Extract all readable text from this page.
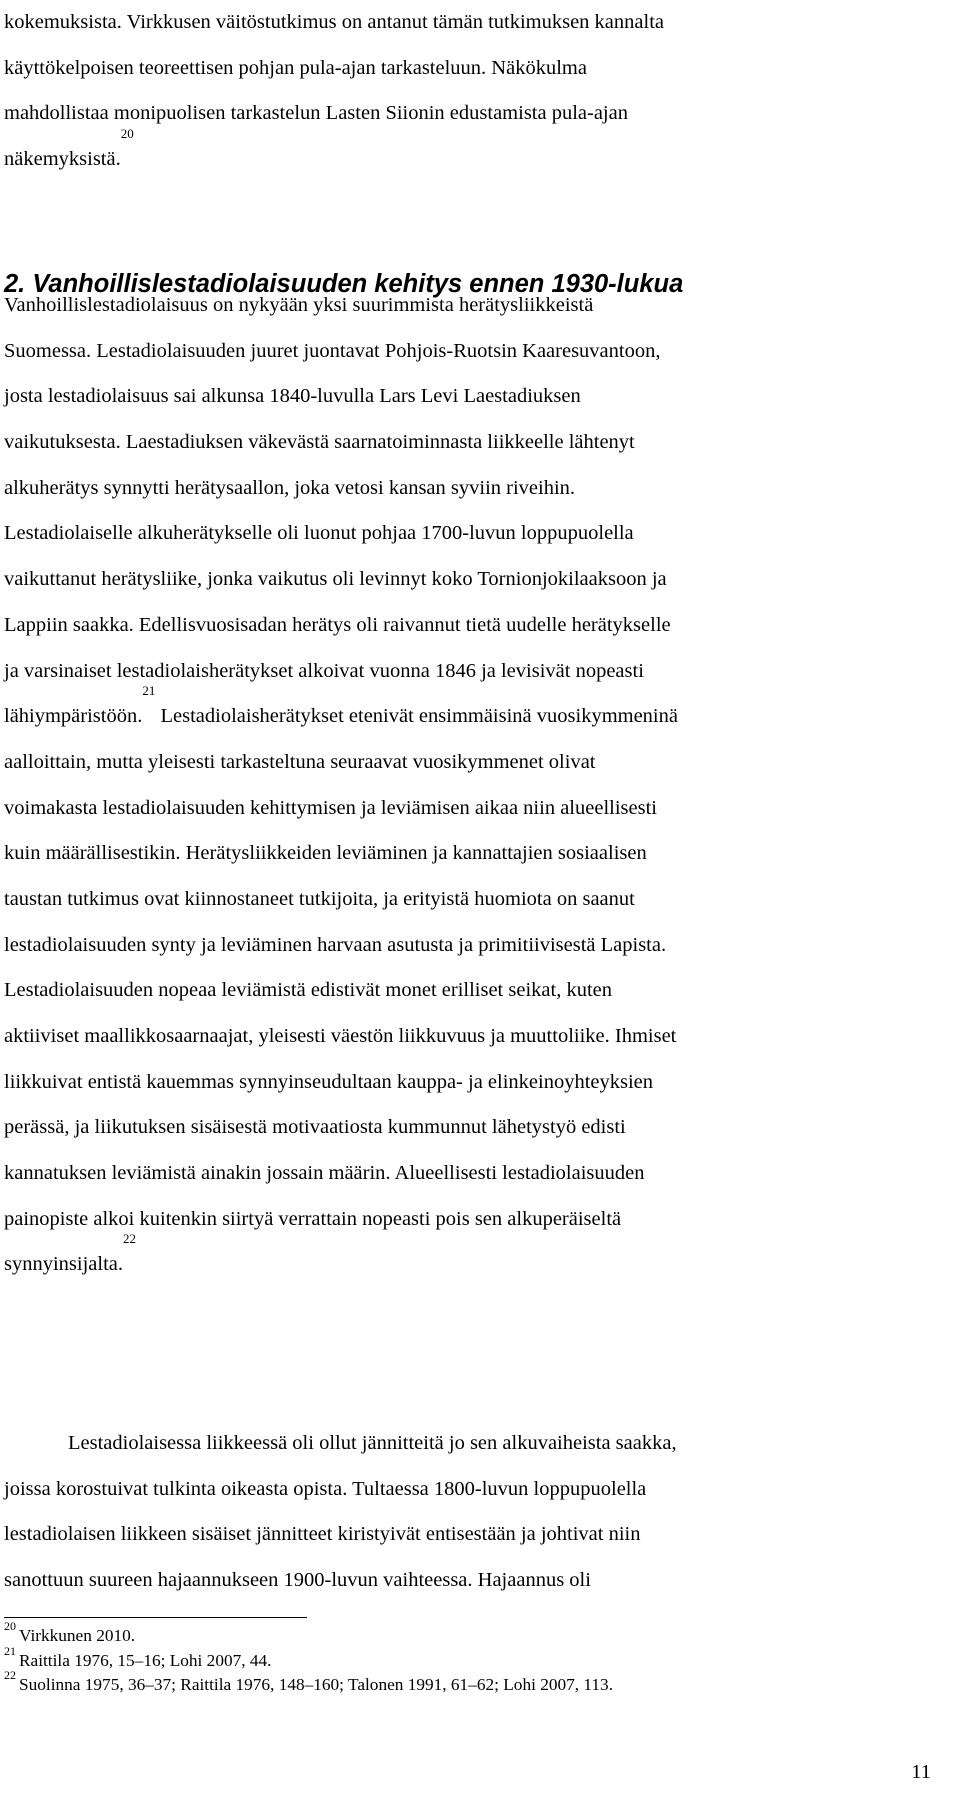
kokemuksista. Virkkusen väitöstutkimus on antanut tämän tutkimuksen kannalta
käyttökelpoisen teoreettisen pohjan pula-ajan tarkasteluun. Näkökulma
mahdollistaa monipuolisen tarkastelun Lasten Siionin edustamista pula-ajan
näkemyksistä.$^{20}$
2. Vanhoillislestadiolaisuuden kehitys ennen 1930-lukua
Vanhoillislestadiolaisuus on nykyään yksi suurimmista herätysliikkeistä
Suomessa. Lestadiolaisuuden juuret juontavat Pohjois-Ruotsin Kaaresuvantoon,
josta lestadiolaisuus sai alkunsa 1840-luvulla Lars Levi Laestadiuksen
vaikutuksesta. Laestadiuksen väkevästä saarnatoiminnasta liikkeelle lähtenyt
alkuherätys synnytti herätysaallon, joka vetosi kansan syviin riveihin.
Lestadiolaiselle alkuherätykselle oli luonut pohjaa 1700-luvun loppupuolella
vaikuttanut herätysliike, jonka vaikutus oli levinnyt koko Tornionjokilaaksoon ja
Lappiin saakka. Edellisvuosisadan herätys oli raivannut tietä uudelle herätykselle
ja varsinaiset lestadiolaisherätykset alkoivat vuonna 1846 ja levisivät nopeasti
lähiympäristöön.$^{21}$ Lestadiolaisherätykset etenivät ensimmäisinä vuosikymmeninä
aalloittain, mutta yleisesti tarkasteltuna seuraavat vuosikymmenet olivat
voimakasta lestadiolaisuuden kehittymisen ja leviämisen aikaa niin alueellisesti
kuin määrällisestikin. Herätysliikkeiden leviäminen ja kannattajien sosiaalisen
taustan tutkimus ovat kiinnostaneet tutkijoita, ja erityistä huomiota on saanut
lestadiolaisuuden synty ja leviäminen harvaan asutusta ja primitiivisestä Lapista.
Lestadiolaisuuden nopeaa leviämistä edistivät monet erilliset seikat, kuten
aktiiviset maallikkosaarnaajat, yleisesti väestön liikkuvuus ja muuttoliike. Ihmiset
liikkuivat entistä kauemmas synnyinseudultaan kauppa- ja elinkeinoyhteyksien
perässä, ja liikutuksen sisäisestä motivaatiosta kummunnut lähetystyö edisti
kannatuksen leviämistä ainakin jossain määrin. Alueellisesti lestadiolaisuuden
painopiste alkoi kuitenkin siirtyä verrattain nopeasti pois sen alkuperäiseltä
synnyinsijalta.$^{22}$
Lestadiolaisessa liikkeessä oli ollut jännitteitä jo sen alkuvaiheista saakka,
joissa korostuivat tulkinta oikeasta opista. Tultaessa 1800-luvun loppupuolella
lestadiolaisen liikkeen sisäiset jännitteet kiristyivät entisestään ja johtivat niin
sanottuun suureen hajaannukseen 1900-luvun vaihteessa. Hajaannus oli
$^{20}$ Virkkunen 2010.
$^{21}$ Raittila 1976, 15–16; Lohi 2007, 44.
$^{22}$ Suolinna 1975, 36–37; Raittila 1976, 148–160; Talonen 1991, 61–62; Lohi 2007, 113.
11
